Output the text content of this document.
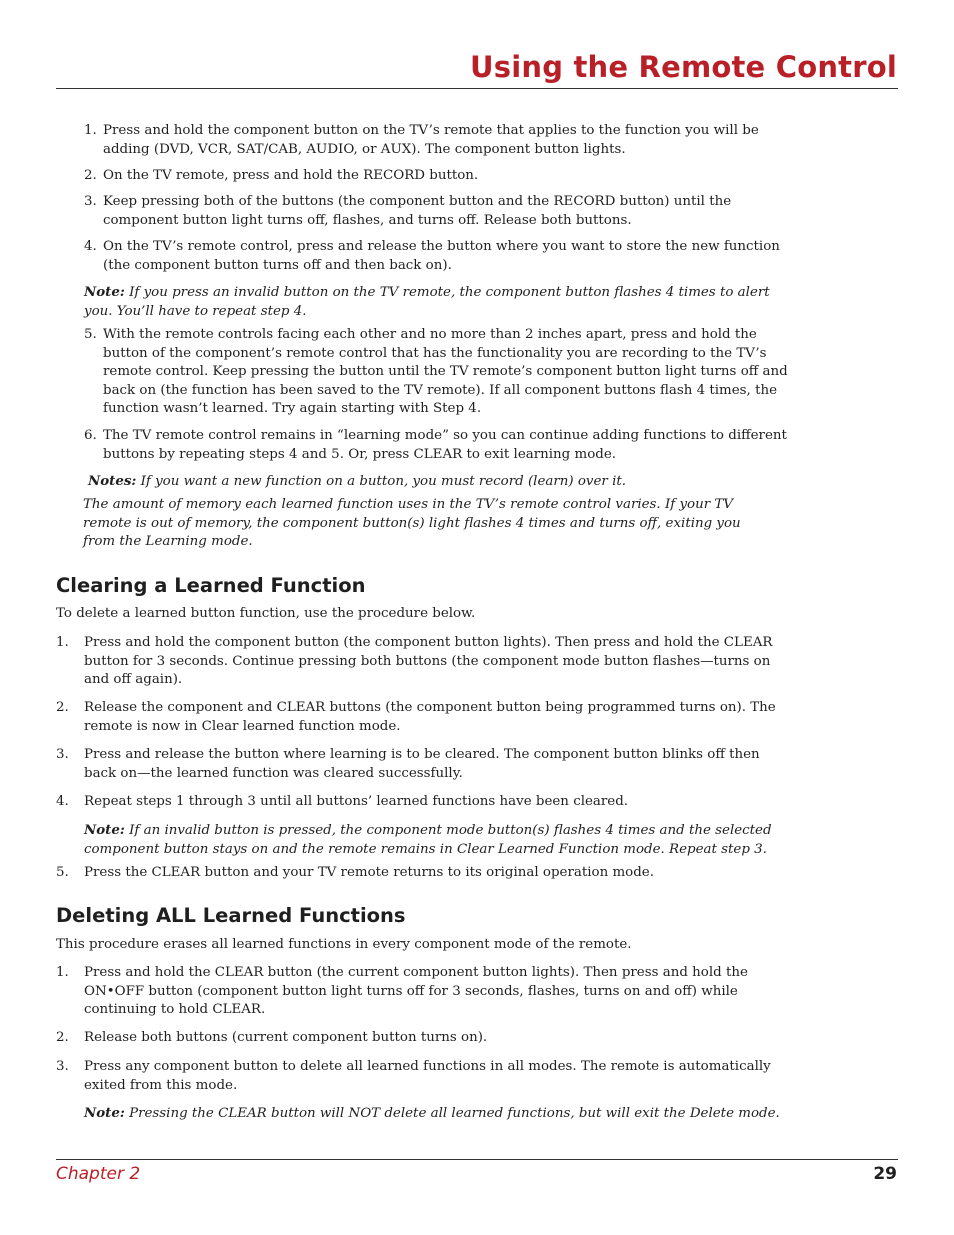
Using the Remote Control
1. Press and hold the component button on the TV’s remote that applies to the function you will be adding (DVD, VCR, SAT/CAB, AUDIO, or AUX). The component button lights.
2. On the TV remote, press and hold the RECORD button.
3. Keep pressing both of the buttons (the component button and the RECORD button) until the component button light turns off, flashes, and turns off. Release both buttons.
4. On the TV’s remote control, press and release the button where you want to store the new function (the component button turns off and then back on).
Note: If you press an invalid button on the TV remote, the component button flashes 4 times to alert you. You’ll have to repeat step 4.
5. With the remote controls facing each other and no more than 2 inches apart, press and hold the button of the component’s remote control that has the functionality you are recording to the TV’s remote control. Keep pressing the button until the TV remote’s component button light turns off and back on (the function has been saved to the TV remote). If all component buttons flash 4 times, the function wasn’t learned. Try again starting with Step 4.
6. The TV remote control remains in “learning mode” so you can continue adding functions to different buttons by repeating steps 4 and 5. Or, press CLEAR to exit learning mode.
Notes: If you want a new function on a button, you must record (learn) over it.
The amount of memory each learned function uses in the TV’s remote control varies. If your TV remote is out of memory, the component button(s) light flashes 4 times and turns off, exiting you from the Learning mode.
Clearing a Learned Function
To delete a learned button function, use the procedure below.
1.	Press and hold the component button (the component button lights). Then press and hold the CLEAR button for 3 seconds. Continue pressing both buttons (the component mode button flashes—turns on and off again).
2.	Release the component and CLEAR buttons (the component button being programmed turns on). The remote is now in Clear learned function mode.
3.	Press and release the button where learning is to be cleared. The component button blinks off then back on—the learned function was cleared successfully.
4.	Repeat steps 1 through 3 until all buttons’ learned functions have been cleared.
Note: If an invalid button is pressed, the component mode button(s) flashes 4 times and the selected component button stays on and the remote remains in Clear Learned Function mode. Repeat step 3.
5.	Press the CLEAR button and your TV remote returns to its original operation mode.
Deleting ALL Learned Functions
This procedure erases all learned functions in every component mode of the remote.
1.	Press and hold the CLEAR button (the current component button lights). Then press and hold the ON•OFF button (component button light turns off for 3 seconds, flashes, turns on and off) while continuing to hold CLEAR.
2.	Release both buttons (current component button turns on).
3.	Press any component button to delete all learned functions in all modes. The remote is automatically exited from this mode.
Note: Pressing the CLEAR button will NOT delete all learned functions, but will exit the Delete mode.
Chapter 2	29
